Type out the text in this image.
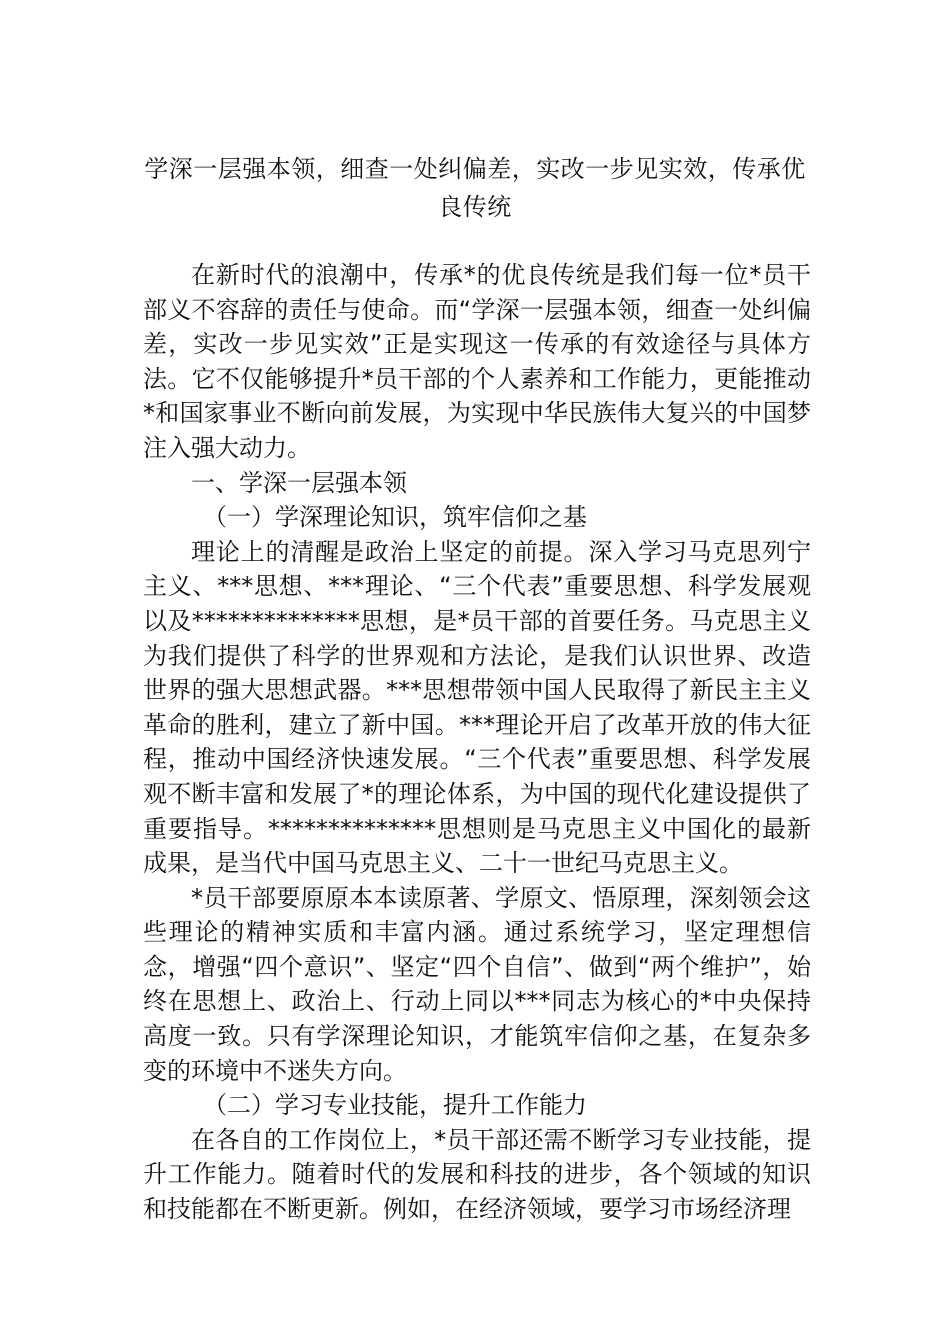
学深一层强本领，细查一处纠偏差，实改一步见实效，传承优良传统

在新时代的浪潮中，传承*的优良传统是我们每一位*员干部义不容辞的责任与使命。而“学深一层强本领，细查一处纠偏差，实改一步见实效”正是实现这一传承的有效途径与具体方法。它不仅能够提升*员干部的个人素养和工作能力，更能推动*和国家事业不断向前发展，为实现中华民族伟大复兴的中国梦注入强大动力。

一、学深一层强本领

（一）学深理论知识，筑牢信仰之基

理论上的清醒是政治上坚定的前提。深入学习马克思列宁主义、***思想、***理论、“三个代表”重要思想、科学发展观以及**************思想，是*员干部的首要任务。马克思主义为我们提供了科学的世界观和方法论，是我们认识世界、改造世界的强大思想武器。***思想带领中国人民取得了新民主主义革命的胜利，建立了新中国。***理论开启了改革开放的伟大征程，推动中国经济快速发展。“三个代表”重要思想、科学发展观不断丰富和发展了*的理论体系，为中国的现代化建设提供了重要指导。**************思想则是马克思主义中国化的最新成果，是当代中国马克思主义、二十一世纪马克思主义。

*员干部要原原本本读原著、学原文、悟原理，深刻领会这些理论的精神实质和丰富内涵。通过系统学习，坚定理想信念，增强“四个意识”、坚定“四个自信”、做到“两个维护”，始终在思想上、政治上、行动上同以***同志为核心的*中央保持高度一致。只有学深理论知识，才能筑牢信仰之基，在复杂多变的环境中不迷失方向。

（二）学习专业技能，提升工作能力

在各自的工作岗位上，*员干部还需不断学习专业技能，提升工作能力。随着时代的发展和科技的进步，各个领域的知识和技能都在不断更新。例如，在经济领域，要学习市场经济理
